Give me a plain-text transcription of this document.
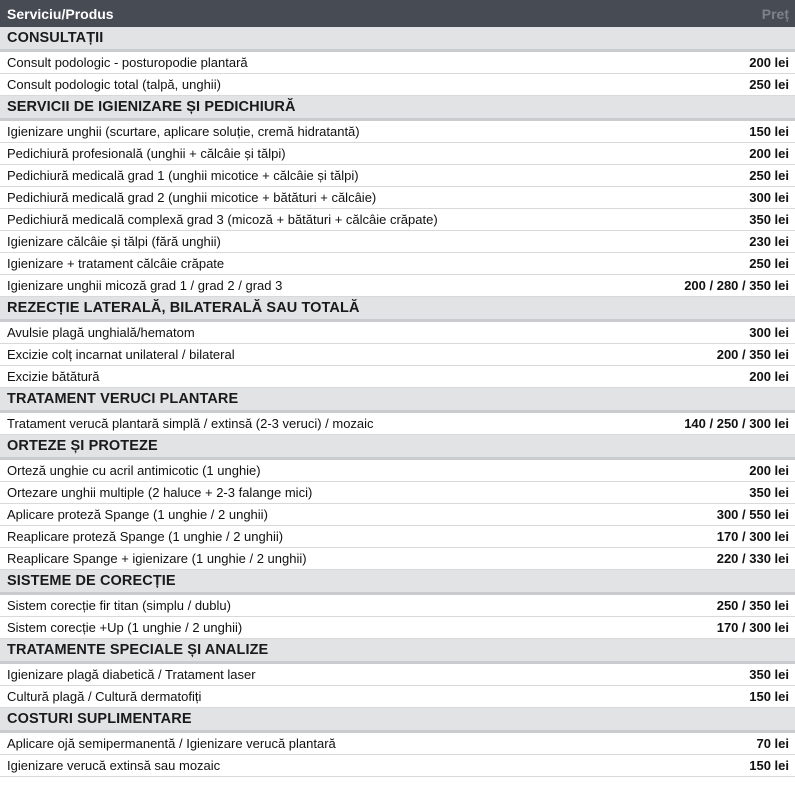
Serviciu/Produs	Preț
CONSULTAȚII
Consult podologic - posturopodie plantară	200 lei
Consult podologic total (talpă, unghii)	250 lei
SERVICII DE IGIENIZARE ȘI PEDICHIURĂ
Igienizare unghii (scurtare, aplicare soluție, cremă hidratantă)	150 lei
Pedichiură profesională (unghii + călcâie și tălpi)	200 lei
Pedichiură medicală grad 1 (unghii micotice + călcâie și tălpi)	250 lei
Pedichiură medicală grad 2 (unghii micotice + bătături + călcâie)	300 lei
Pedichiură medicală complexă grad 3 (micoză + bătături + călcâie crăpate)	350 lei
Igienizare călcâie și tălpi (fără unghii)	230 lei
Igienizare + tratament călcâie crăpate	250 lei
Igienizare unghii micoză grad 1 / grad 2 / grad 3	200 / 280 / 350 lei
REZECȚIE LATERALĂ, BILATERALĂ SAU TOTALĂ
Avulsie plagă unghială/hematom	300 lei
Excizie colț incarnat unilateral / bilateral	200 / 350 lei
Excizie bătătură	200 lei
TRATAMENT VERUCI PLANTARE
Tratament verucă plantară simplă / extinsă (2-3 veruci) / mozaic	140 / 250 / 300 lei
ORTEZE ȘI PROTEZE
Orteză unghie cu acril antimicotic (1 unghie)	200 lei
Ortezare unghii multiple (2 haluce + 2-3 falange mici)	350 lei
Aplicare proteză Spange (1 unghie / 2 unghii)	300 / 550 lei
Reaplicare proteză Spange (1 unghie / 2 unghii)	170 / 300 lei
Reaplicare Spange + igienizare (1 unghie / 2 unghii)	220 / 330 lei
SISTEME DE CORECȚIE
Sistem corecție fir titan (simplu / dublu)	250 / 350 lei
Sistem corecție +Up (1 unghie / 2 unghii)	170 / 300 lei
TRATAMENTE SPECIALE ȘI ANALIZE
Igienizare plagă diabetică / Tratament laser	350 lei
Cultură plagă / Cultură dermatofiți	150 lei
COSTURI SUPLIMENTARE
Aplicare ojă semipermanentă / Igienizare verucă plantară	70 lei
Igienizare verucă extinsă sau mozaic	150 lei
